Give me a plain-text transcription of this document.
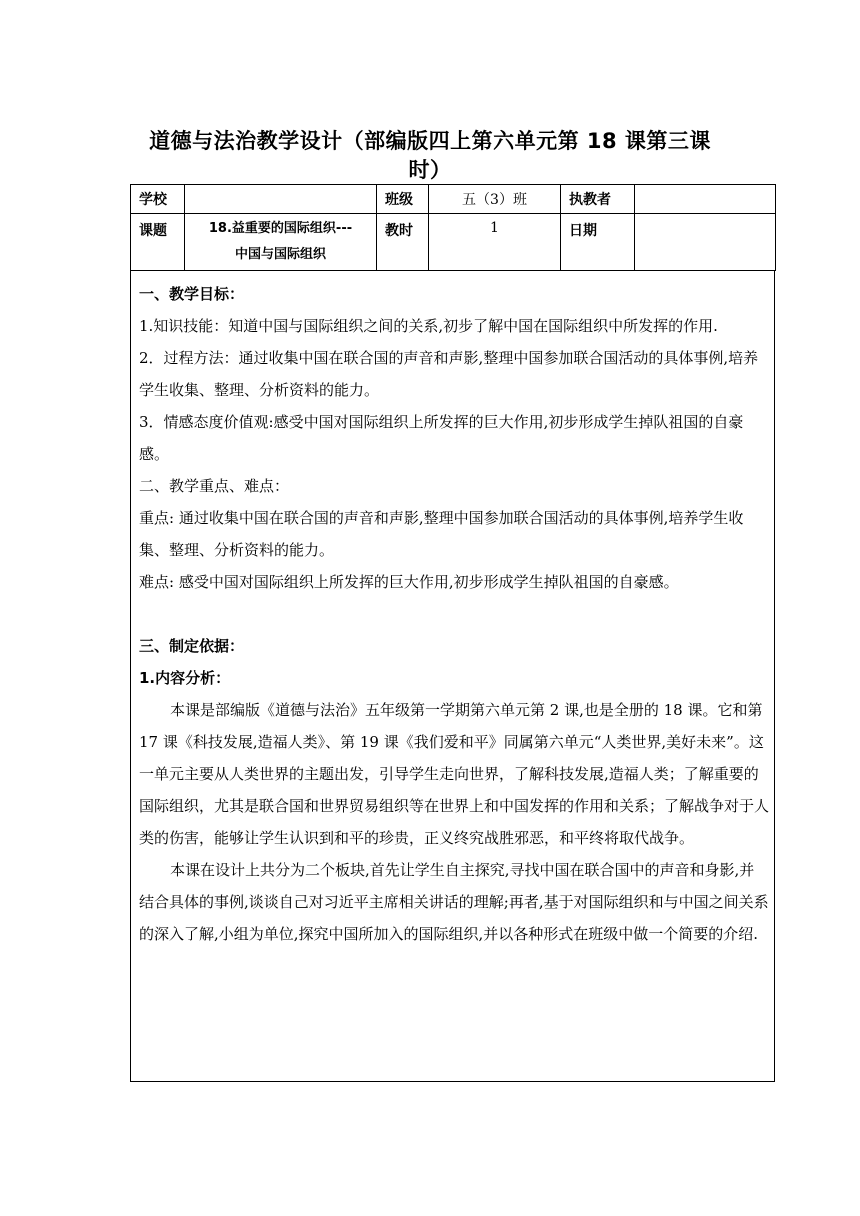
道德与法治教学设计（部编版四上第六单元第 18 课第三课
时）
学校		班级	五（3）班	执教者	
课题	18.益重要的国际组织---
中国与国际组织	教时	1	日期	

一、教学目标：

1.知识技能：知道中国与国际组织之间的关系,初步了解中国在国际组织中所发挥的作用.

2．过程方法：通过收集中国在联合国的声音和声影,整理中国参加联合国活动的具体事例,培养学生收集、整理、分析资料的能力。

3．情感态度价值观:感受中国对国际组织上所发挥的巨大作用,初步形成学生掉队祖国的自豪感。

二、教学重点、难点：

重点: 通过收集中国在联合国的声音和声影,整理中国参加联合国活动的具体事例,培养学生收集、整理、分析资料的能力。

难点: 感受中国对国际组织上所发挥的巨大作用,初步形成学生掉队祖国的自豪感。

三、制定依据：

1.内容分析：

本课是部编版《道德与法治》五年级第一学期第六单元第 2 课,也是全册的 18 课。它和第 17 课《科技发展,造福人类》、第 19 课《我们爱和平》同属第六单元“人类世界,美好未来”。这一单元主要从人类世界的主题出发，引导学生走向世界，了解科技发展,造福人类；了解重要的国际组织，尤其是联合国和世界贸易组织等在世界上和中国发挥的作用和关系；了解战争对于人类的伤害，能够让学生认识到和平的珍贵，正义终究战胜邪恶，和平终将取代战争。

本课在设计上共分为二个板块,首先让学生自主探究,寻找中国在联合国中的声音和身影,并结合具体的事例,谈谈自己对习近平主席相关讲话的理解;再者,基于对国际组织和与中国之间关系的深入了解,小组为单位,探究中国所加入的国际组织,并以各种形式在班级中做一个简要的介绍.
